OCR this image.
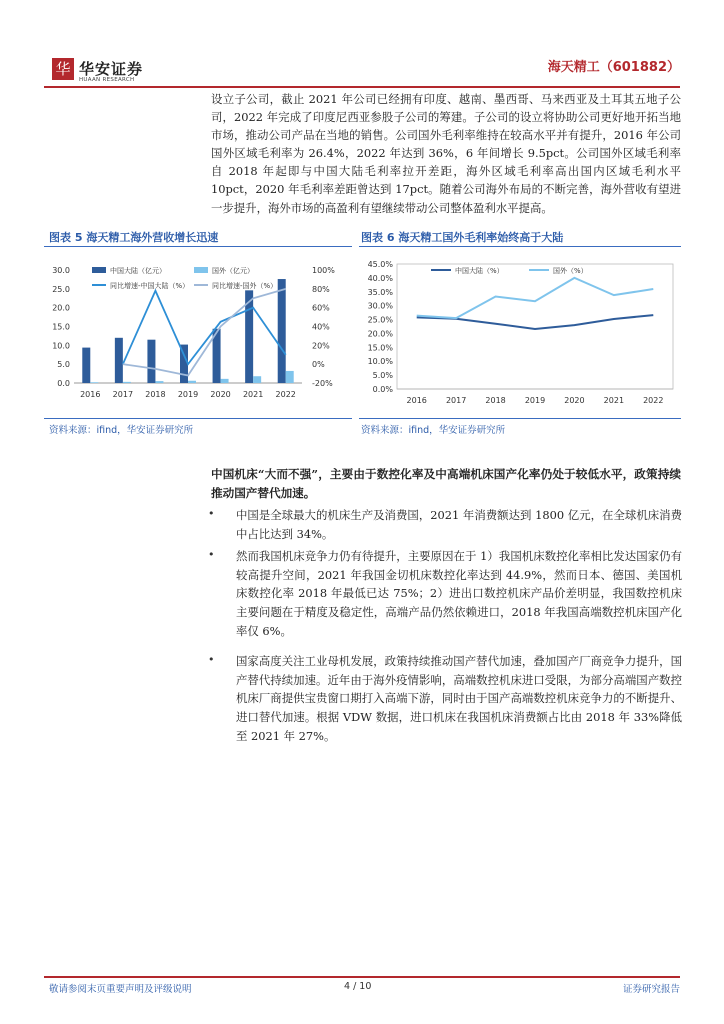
华 华安证券
HUAAN RESEARCH
海天精工（601882）
设立子公司，截止 2021 年公司已经拥有印度、越南、墨西哥、马来西亚及土耳其五地子公司，2022 年完成了印度尼西亚参股子公司的筹建。子公司的设立将协助公司更好地开拓当地市场，推动公司产品在当地的销售。公司国外毛利率维持在较高水平并有提升，2016 年公司国外区域毛利率为 26.4%，2022 年达到 36%，6 年间增长 9.5pct。公司国外区域毛利率自 2018 年起即与中国大陆毛利率拉开差距，海外区域毛利率高出国内区域毛利水平 10pct，2020 年毛利率差距曾达到 17pct。随着公司海外布局的不断完善，海外营收有望进一步提升，海外市场的高盈利有望继续带动公司整体盈利水平提高。
图表 5 海天精工海外营收增长迅速	图表 6 海天精工国外毛利率始终高于大陆
0.0
5.0
10.0
15.0
20.0
25.0
30.0
-20%
0%
20%
40%
60%
80%
100%
2016 2017 2018 2019 2020 2021 2022
中国大陆（亿元）	国外（亿元）
同比增速-中国大陆（%）	同比增速-国外（%）
0.0%
5.0%
10.0%
15.0%
20.0%
25.0%
30.0%
35.0%
40.0%
45.0%
2016 2017 2018 2019 2020 2021 2022
中国大陆（%）	国外（%）
资料来源：ifind，华安证券研究所	资料来源：ifind，华安证券研究所
中国机床“大而不强”，主要由于数控化率及中高端机床国产化率仍处于较低水平，政策持续推动国产替代加速。
• 中国是全球最大的机床生产及消费国，2021 年消费额达到 1800 亿元，在全球机床消费中占比达到 34%。
• 然而我国机床竞争力仍有待提升，主要原因在于 1）我国机床数控化率相比发达国家仍有较高提升空间，2021 年我国金切机床数控化率达到 44.9%，然而日本、德国、美国机床数控化率 2018 年最低已达 75%；2）进出口数控机床产品价差明显，我国数控机床主要问题在于精度及稳定性，高端产品仍然依赖进口，2018 年我国高端数控机床国产化率仅 6%。
• 国家高度关注工业母机发展，政策持续推动国产替代加速，叠加国产厂商竞争力提升，国产替代持续加速。近年由于海外疫情影响，高端数控机床进口受限，为部分高端国产数控机床厂商提供宝贵窗口期打入高端下游，同时由于国产高端数控机床竞争力的不断提升、进口替代加速。根据 VDW 数据，进口机床在我国机床消费额占比由 2018 年 33%降低至 2021 年 27%。
敬请参阅末页重要声明及评级说明	4 / 10	证券研究报告
